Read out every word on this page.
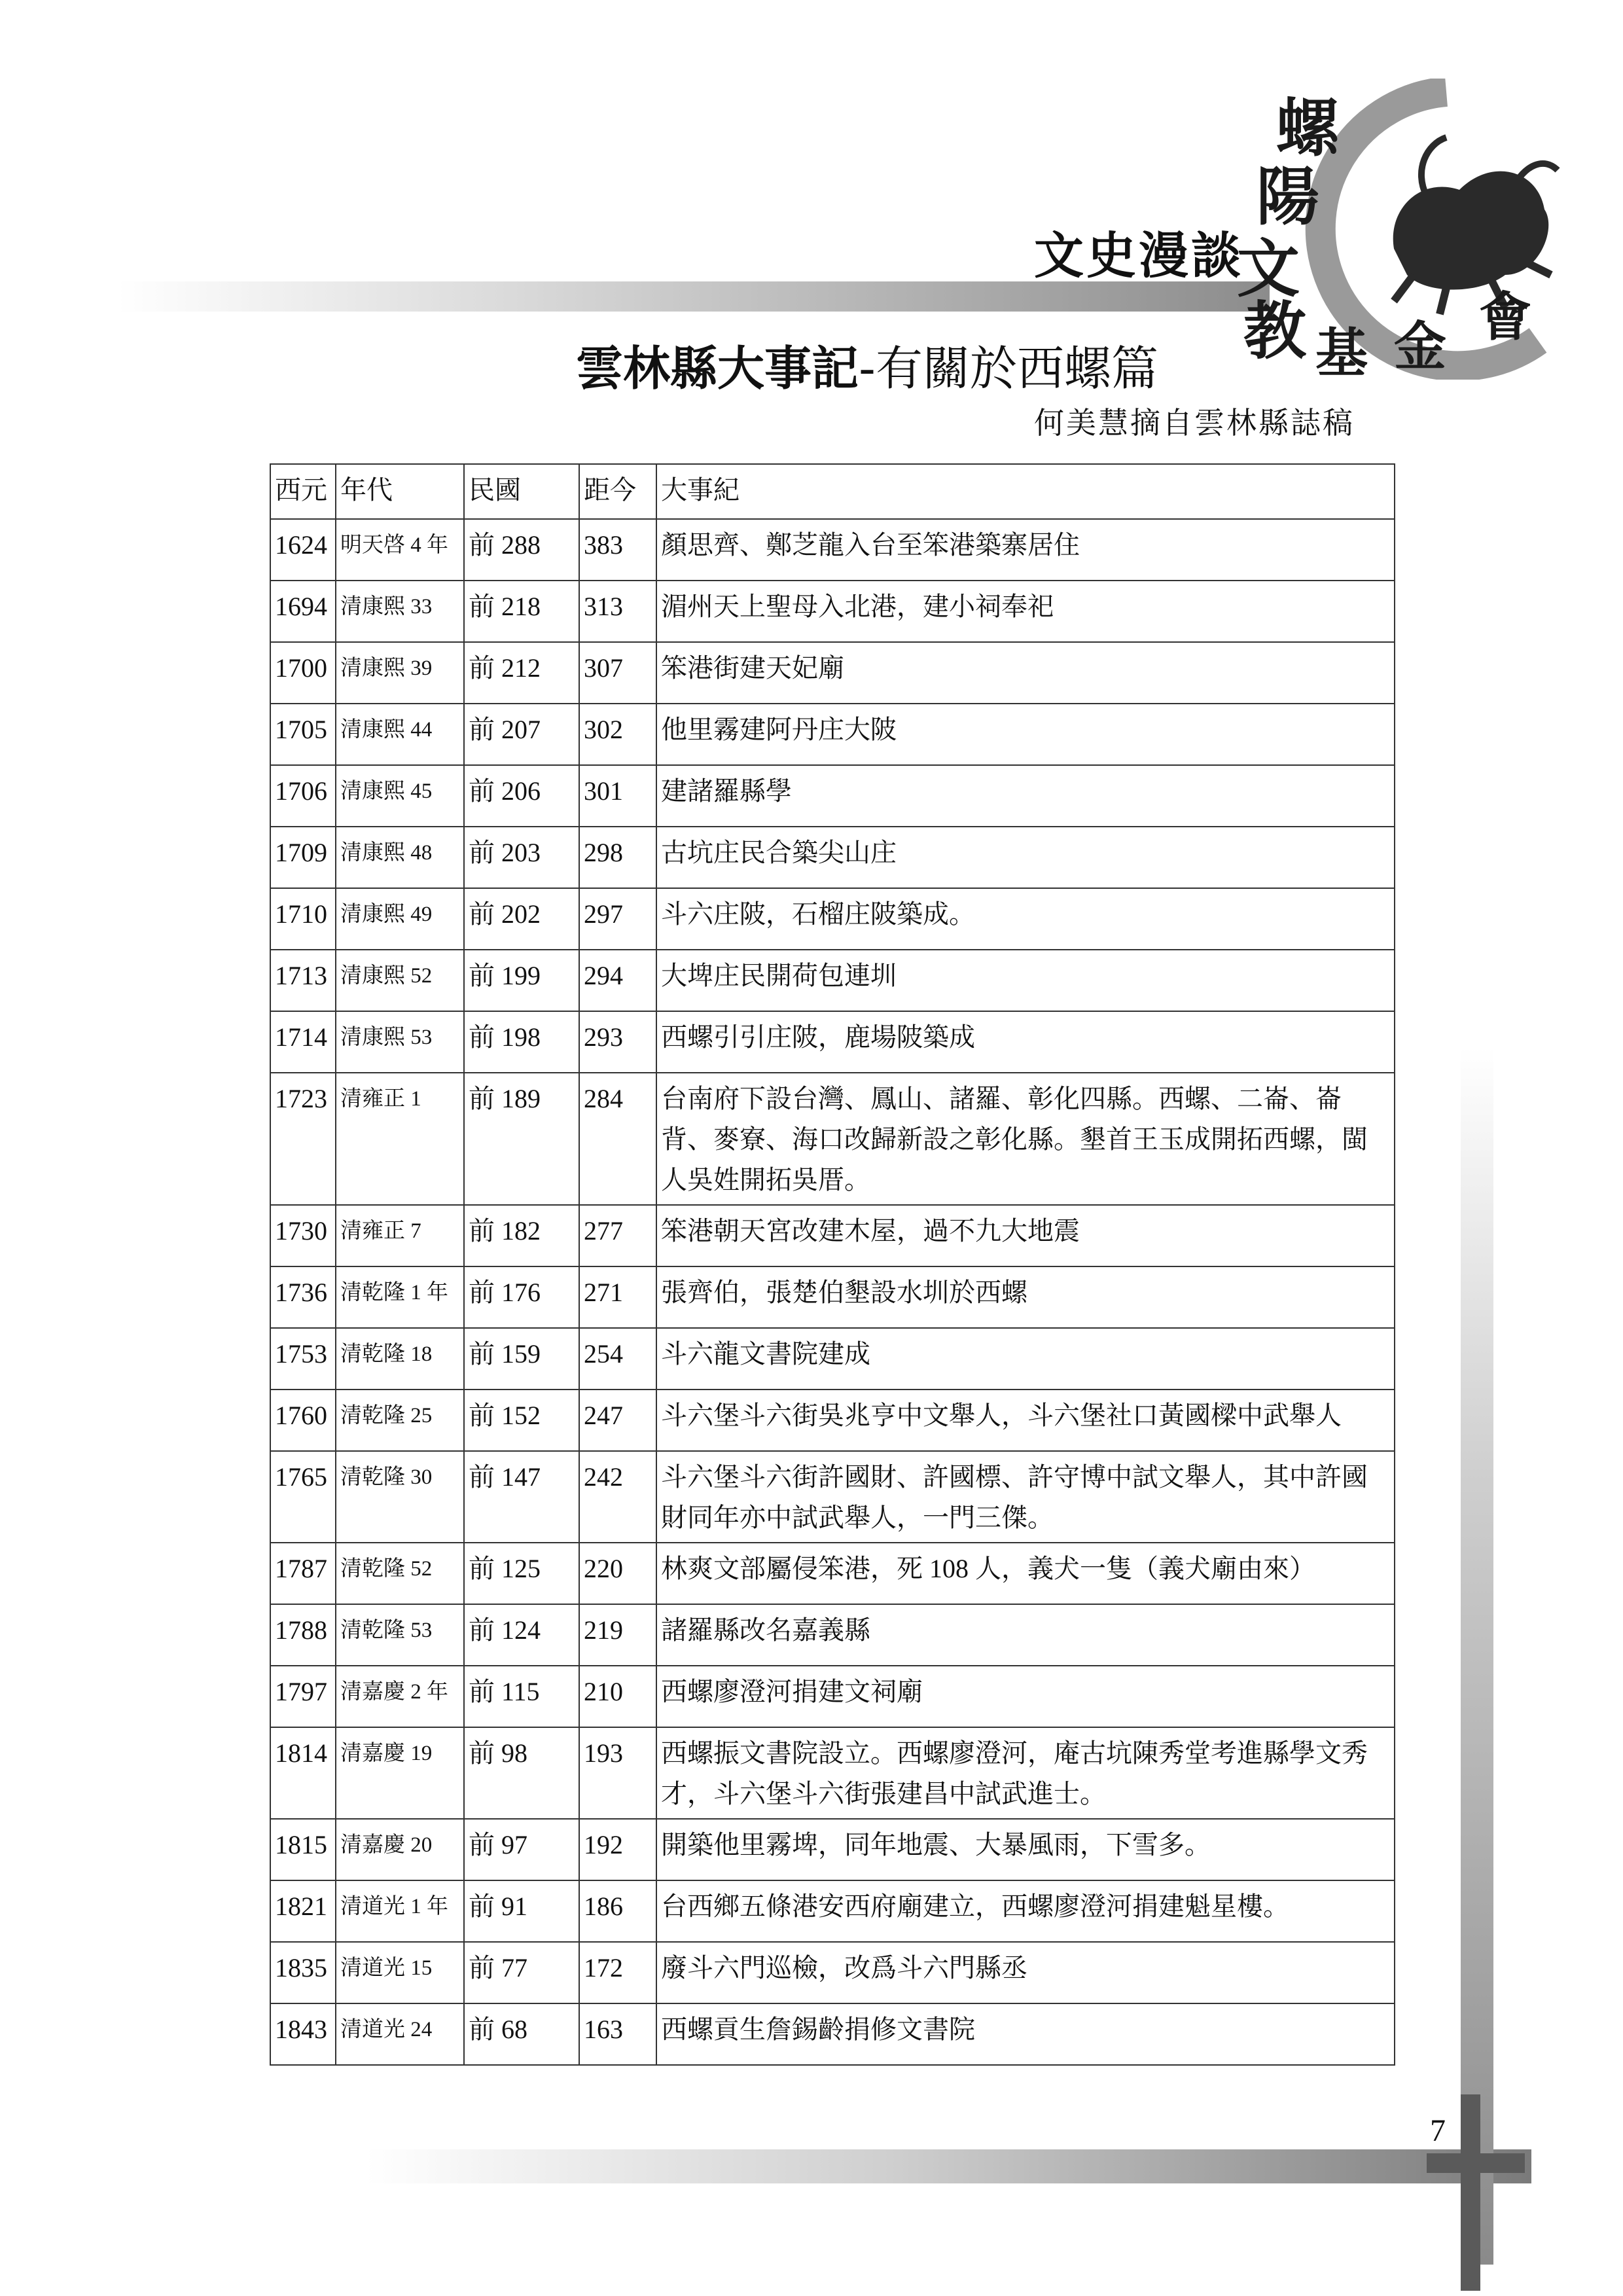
文史漫談
螺
陽
文
教 基 金 會
雲林縣大事記-有關於西螺篇
何美慧摘自雲林縣誌稿
西元	年代	民國	距今	大事紀
1624	明天啓 4 年	前 288	383	顏思齊、鄭芝龍入台至笨港築寨居住
1694	清康熙 33	前 218	313	湄州天上聖母入北港，建小祠奉祀
1700	清康熙 39	前 212	307	笨港街建天妃廟
1705	清康熙 44	前 207	302	他里霧建阿丹庄大陂
1706	清康熙 45	前 206	301	建諸羅縣學
1709	清康熙 48	前 203	298	古坑庄民合築尖山庄
1710	清康熙 49	前 202	297	斗六庄陂，石榴庄陂築成。
1713	清康熙 52	前 199	294	大埤庄民開荷包連圳
1714	清康熙 53	前 198	293	西螺引引庄陂，鹿場陂築成
1723	清雍正 1	前 189	284	台南府下設台灣、鳳山、諸羅、彰化四縣。西螺、二崙、崙背、麥寮、海口改歸新設之彰化縣。墾首王玉成開拓西螺，閩人吳姓開拓吳厝。
1730	清雍正 7	前 182	277	笨港朝天宮改建木屋，過不九大地震
1736	清乾隆 1 年	前 176	271	張齊伯，張楚伯墾設水圳於西螺
1753	清乾隆 18	前 159	254	斗六龍文書院建成
1760	清乾隆 25	前 152	247	斗六堡斗六街吳兆亨中文舉人，斗六堡社口黃國樑中武舉人
1765	清乾隆 30	前 147	242	斗六堡斗六街許國財、許國標、許守博中試文舉人，其中許國財同年亦中試武舉人，一門三傑。
1787	清乾隆 52	前 125	220	林爽文部屬侵笨港，死 108 人，義犬一隻（義犬廟由來）
1788	清乾隆 53	前 124	219	諸羅縣改名嘉義縣
1797	清嘉慶 2 年	前 115	210	西螺廖澄河捐建文祠廟
1814	清嘉慶 19	前 98	193	西螺振文書院設立。西螺廖澄河，庵古坑陳秀堂考進縣學文秀才，斗六堡斗六街張建昌中試武進士。
1815	清嘉慶 20	前 97	192	開築他里霧埤，同年地震、大暴風雨，下雪多。
1821	清道光 1 年	前 91	186	台西鄉五條港安西府廟建立，西螺廖澄河捐建魁星樓。
1835	清道光 15	前 77	172	廢斗六門巡檢，改爲斗六門縣丞
1843	清道光 24	前 68	163	西螺貢生詹錫齡捐修文書院
7
